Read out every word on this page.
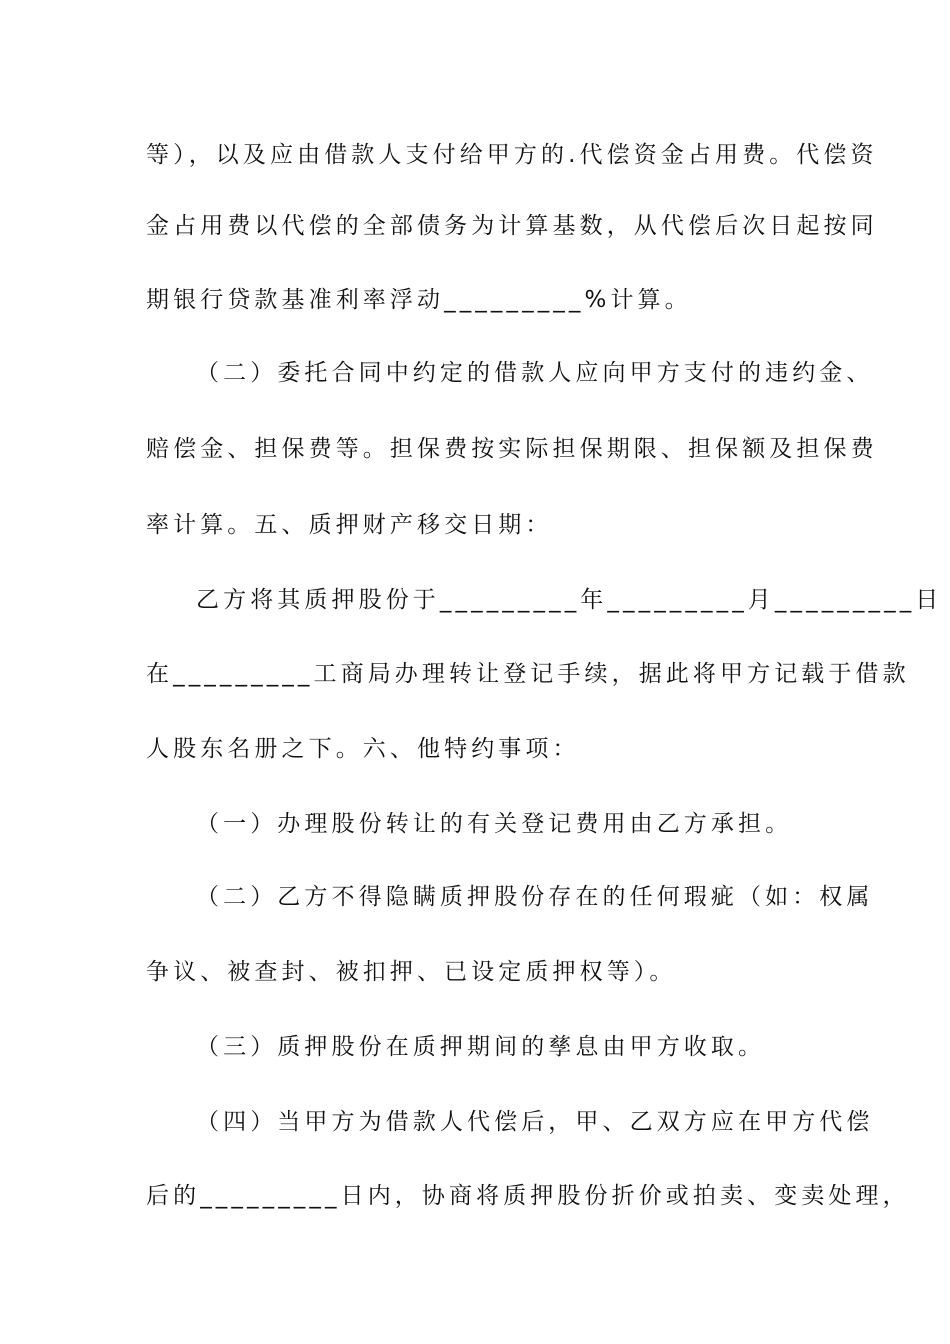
等），以及应由借款人支付给甲方的.代偿资金占用费。代偿资
金占用费以代偿的全部债务为计算基数，从代偿后次日起按同
期银行贷款基准利率浮动_________%计算。
（二）委托合同中约定的借款人应向甲方支付的违约金、
赔偿金、担保费等。担保费按实际担保期限、担保额及担保费
率计算。五、质押财产移交日期：
乙方将其质押股份于_________年_________月_________日
在_________工商局办理转让登记手续，据此将甲方记载于借款
人股东名册之下。六、他特约事项：
（一）办理股份转让的有关登记费用由乙方承担。
（二）乙方不得隐瞒质押股份存在的任何瑕疵（如：权属
争议、被查封、被扣押、已设定质押权等）。
（三）质押股份在质押期间的孳息由甲方收取。
（四）当甲方为借款人代偿后，甲、乙双方应在甲方代偿
后的_________日内，协商将质押股份折价或拍卖、变卖处理，
